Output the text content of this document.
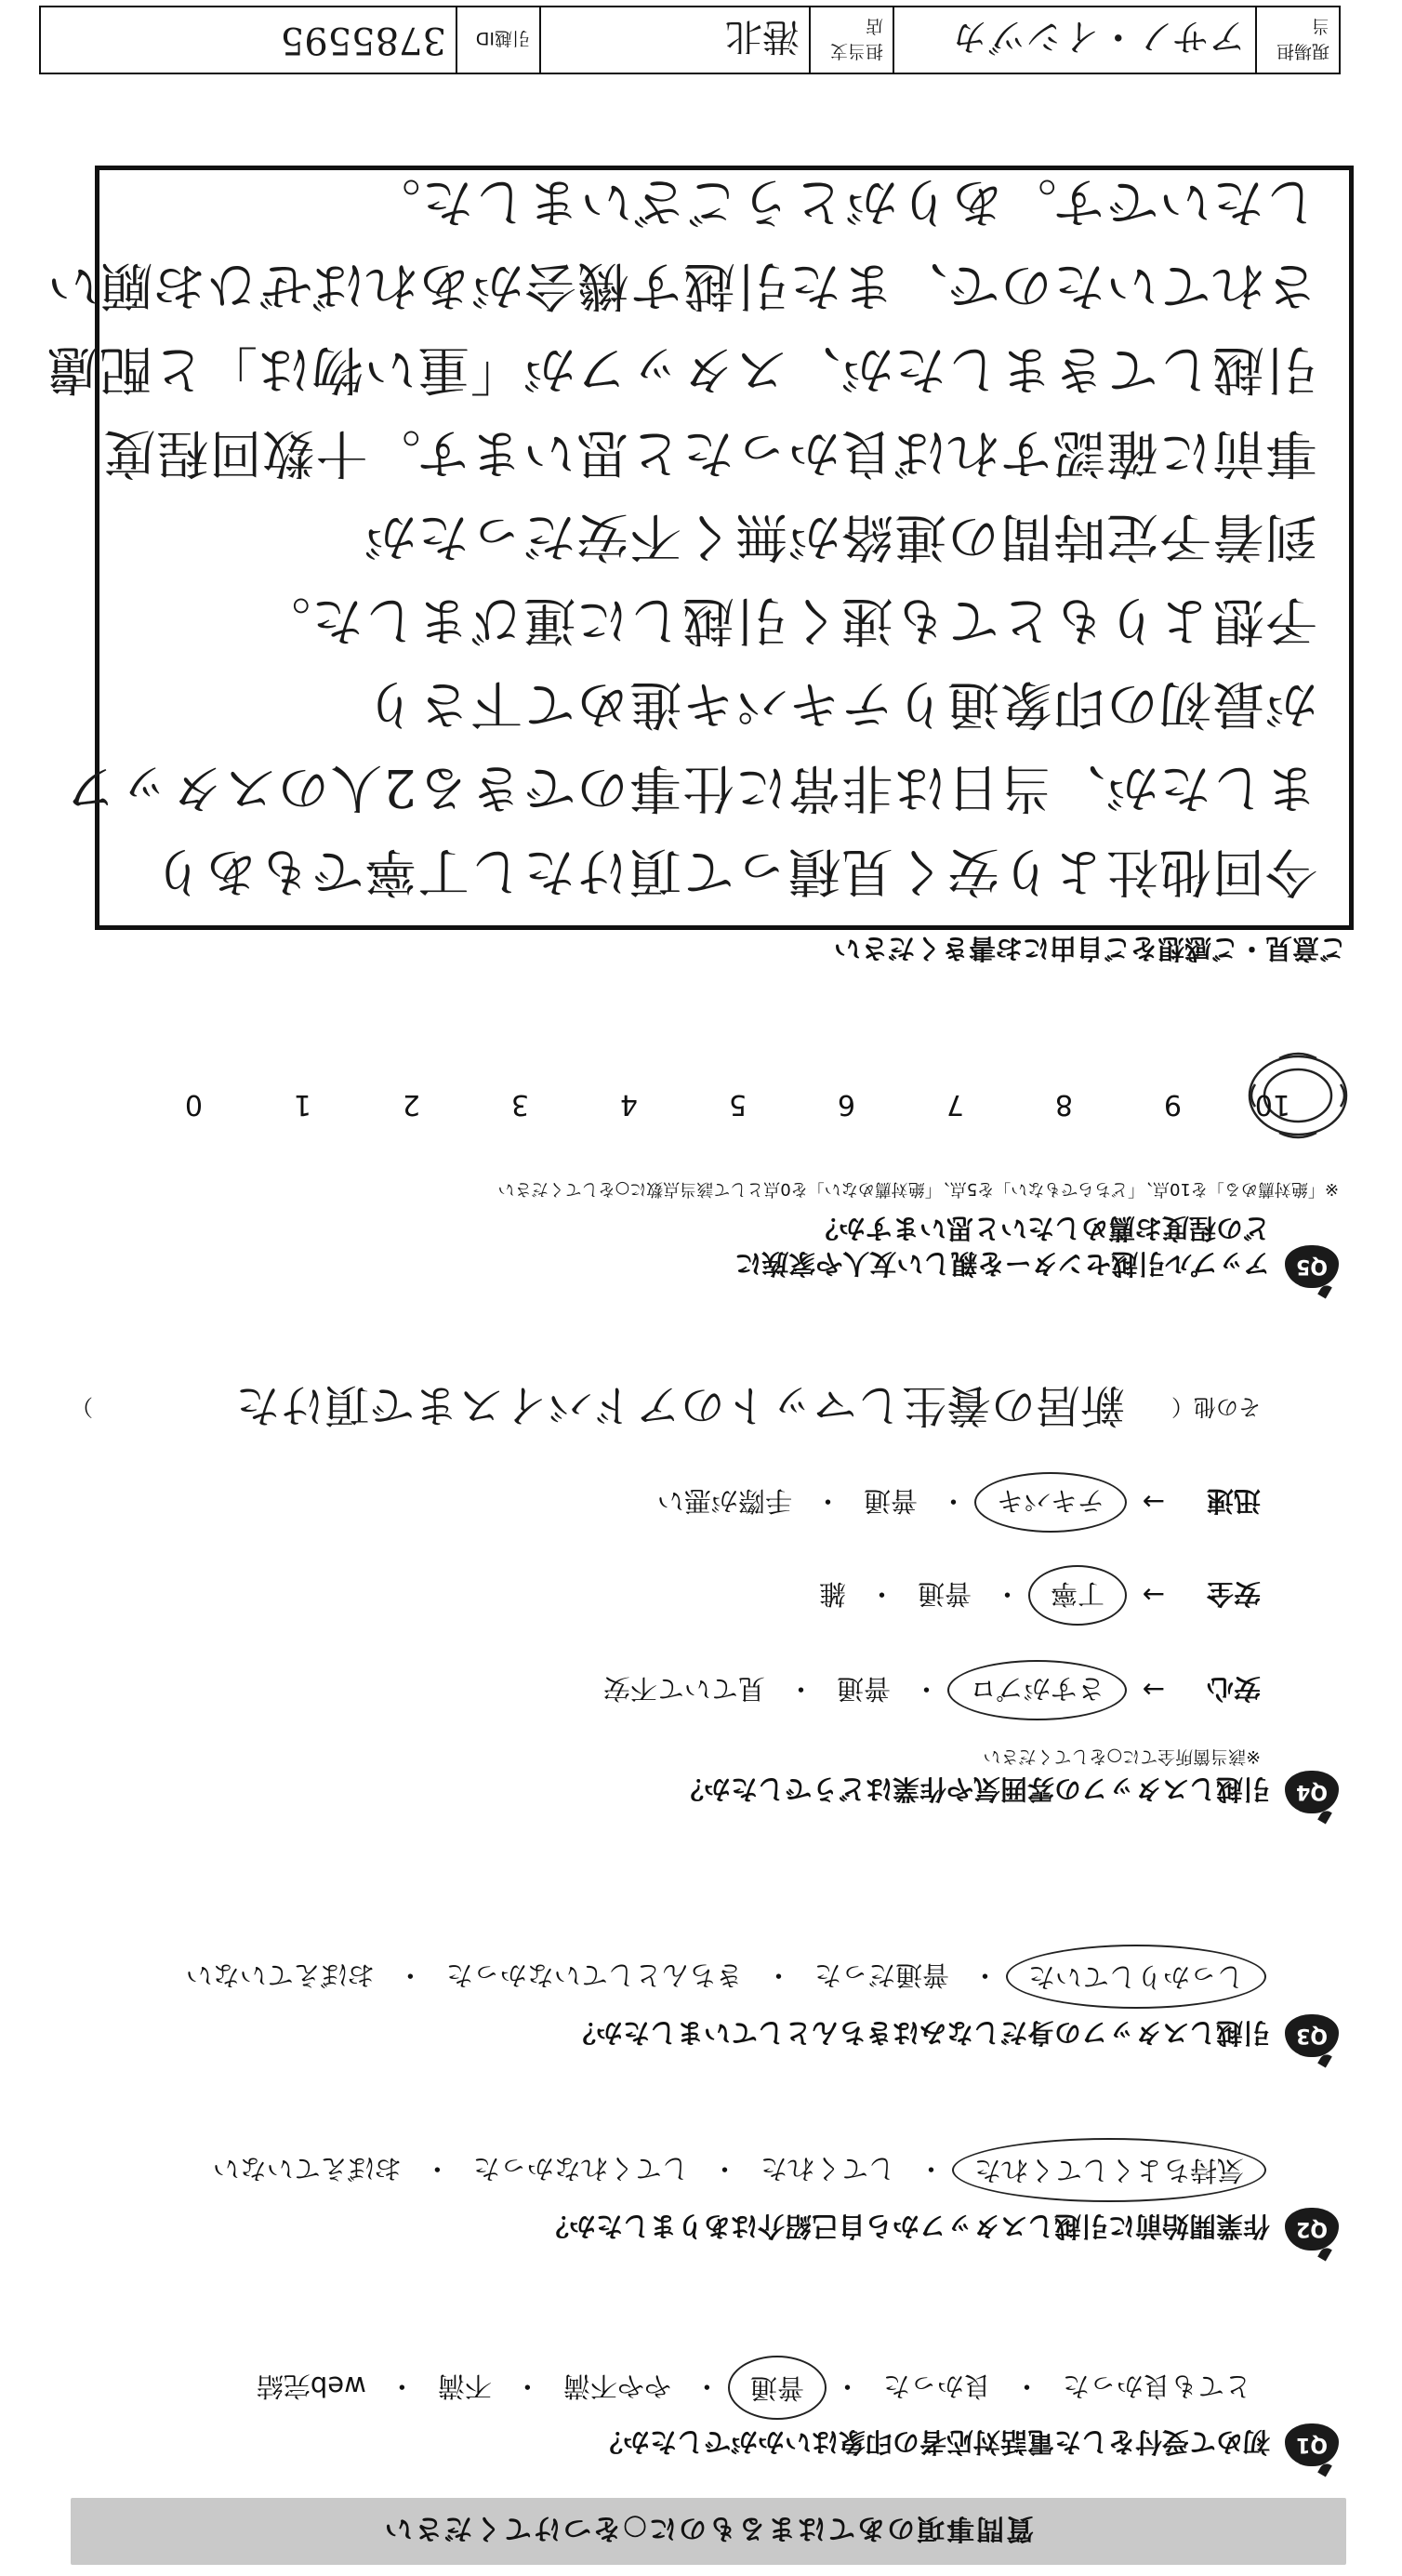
質問事項のあてはまるものに○をつけてください
Q1
初めて受付をした電話対応者の印象はいかがでしたか？
とても良かった
・
良かった
・
普通
・
やや不満
・
不満
・
web完結
Q2
作業開始前に引越しスタッフから自己紹介はありましたか？
気持ちよくしてくれた
・
してくれた
・
してくれなかった
・
おぼえていない
Q3
引越しスタッフの身だしなみはきちんとしていましたか？
しっかりしていた
・
普通だった
・
きちんとしていなかった
・
おぼえていない
Q4
引越しスタッフの雰囲気や作業はどうでしたか？
※該当箇所全てに○をしてください
安心
→
さすがプロ
・
普通
・
見ていて不安
安全
→
丁寧
・
普通
・
雑
迅速
→
テキパキ
・
普通
・
手際が悪い
その他（
新居の養生しマットのアドバイスまで頂けた
）
Q5
アップル引越センターを親しい友人や家族に
どの程度お薦めしたいと思いますか？
※「絶対薦める」を10点、「どちらでもない」を5点、「絶対薦めない」を0点として該当点数に○をしてください
109876543210
ご意見・ご感想をご自由にお書きください
今回他社より安く見積って頂けたし丁寧でもあり
ましたが、当日は非常に仕事のできる2人のスタッフ
が最初の印象通りテキパキ進めて下さり
予想よりもとても速く引越しに運びました。
到着予定時間の連絡が無く不安だったが
事前に確認すれば良かったと思います。十数回程度
引越してきましたが、スタッフが「重い物は」と配慮
されていたので、また引越す機会があればぜひお願い
したいです。ありがとうございました。
現場担当
アサノ・イシヅカ
担当支店
港北
引越ID
3785595
